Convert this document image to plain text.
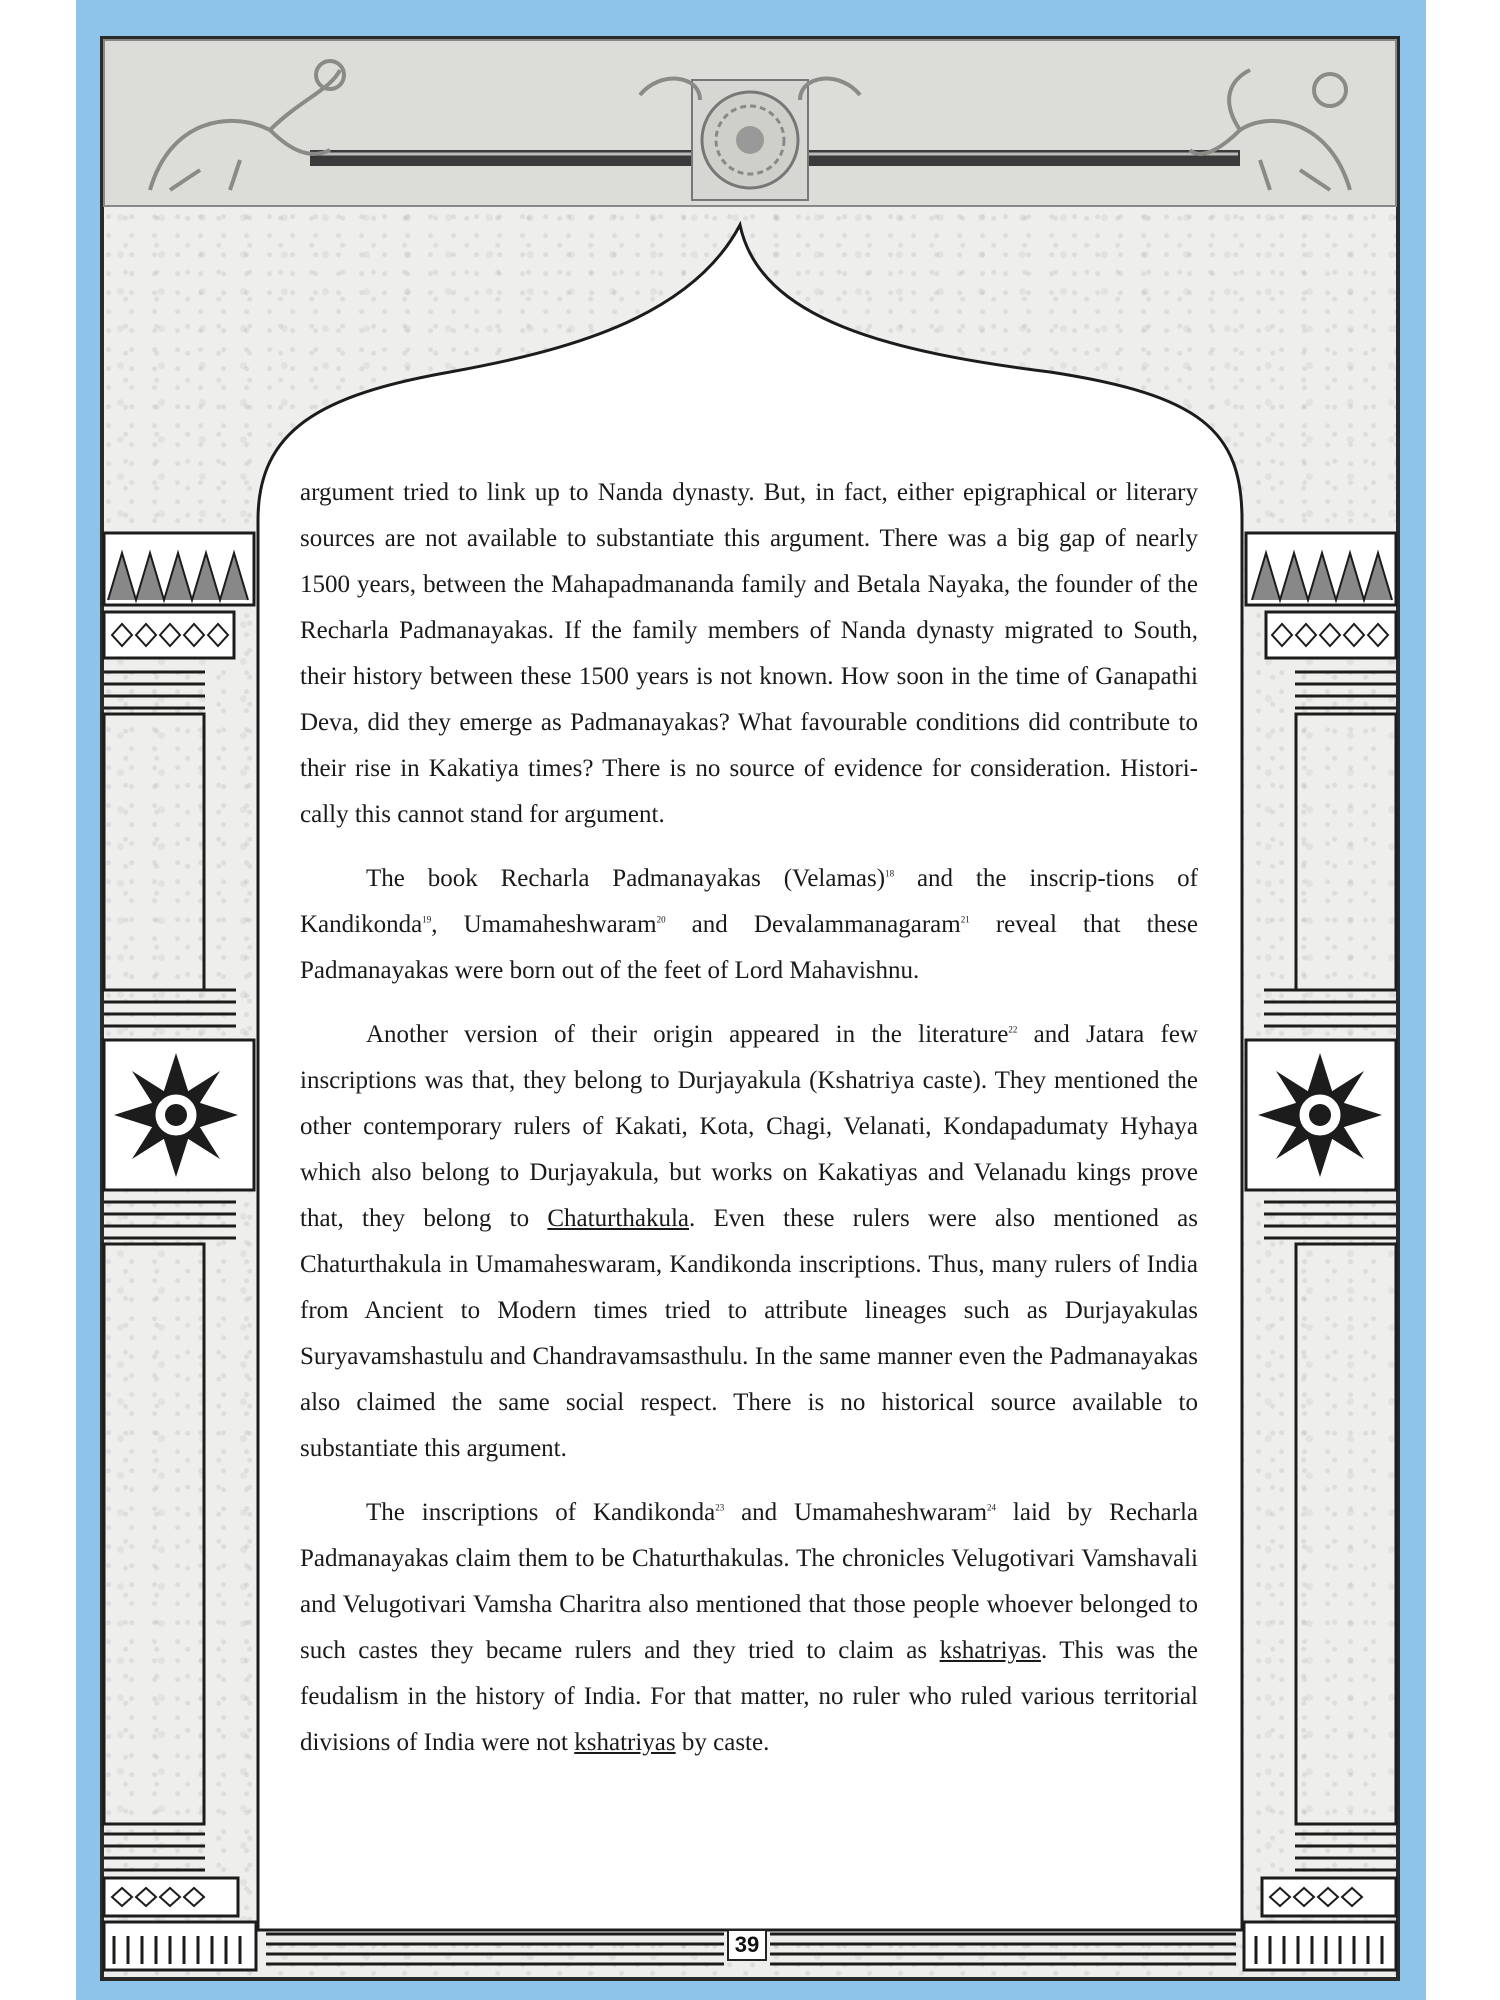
argument tried to link up to Nanda dynasty. But, in fact, either epigraphical or literary sources are not available to substantiate this argument. There was a big gap of nearly 1500 years, between the Mahapadmananda family and Betala Nayaka, the founder of the Recharla Padmanayakas. If the family members of Nanda dynasty migrated to South, their history between these 1500 years is not known. How soon in the time of Ganapathi Deva, did they emerge as Padmanayakas? What favourable conditions did contribute to their rise in Kakatiya times? There is no source of evidence for consideration. Histori-cally this cannot stand for argument.

The book Recharla Padmanayakas (Velamas)$^{18}$ and the inscrip-tions of Kandikonda$^{19}$, Umamaheshwaram$^{20}$ and Devalammanagaram$^{21}$ reveal that these Padmanayakas were born out of the feet of Lord Mahavishnu.

Another version of their origin appeared in the literature$^{22}$ and Jatara few inscriptions was that, they belong to Durjayakula (Kshatriya caste). They mentioned the other contemporary rulers of Kakati, Kota, Chagi, Velanati, Kondapadumaty Hyhaya which also belong to Durjayakula, but works on Kakatiyas and Velanadu kings prove that, they belong to Chaturthakula. Even these rulers were also mentioned as Chaturthakula in Umamaheswaram, Kandikonda inscriptions. Thus, many rulers of India from Ancient to Modern times tried to attribute lineages such as Durjayakulas Suryavamshastulu and Chandravamsasthulu. In the same manner even the Padmanayakas also claimed the same social respect. There is no historical source available to substantiate this argument.

The inscriptions of Kandikonda$^{23}$ and Umamaheshwaram$^{24}$ laid by Recharla Padmanayakas claim them to be Chaturthakulas. The chronicles Velugotivari Vamshavali and Velugotivari Vamsha Charitra also mentioned that those people whoever belonged to such castes they became rulers and they tried to claim as kshatriyas. This was the feudalism in the history of India. For that matter, no ruler who ruled various territorial divisions of India were not kshatriyas by caste.

39
